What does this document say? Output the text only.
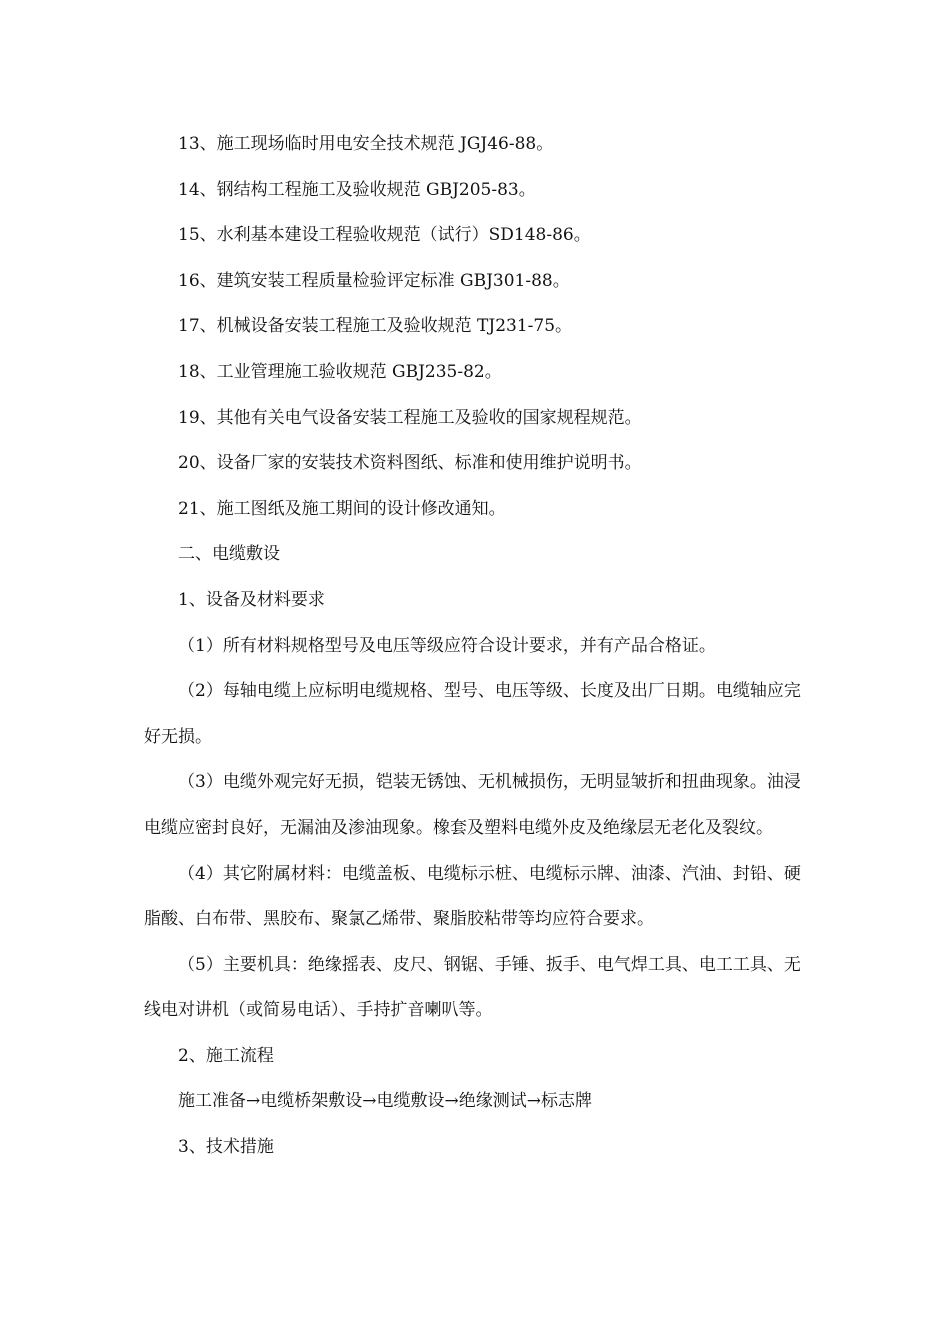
13、施工现场临时用电安全技术规范 JGJ46-88。

14、钢结构工程施工及验收规范 GBJ205-83。

15、水利基本建设工程验收规范（试行）SD148-86。

16、建筑安装工程质量检验评定标准 GBJ301-88。

17、机械设备安装工程施工及验收规范 TJ231-75。

18、工业管理施工验收规范 GBJ235-82。

19、其他有关电气设备安装工程施工及验收的国家规程规范。

20、设备厂家的安装技术资料图纸、标准和使用维护说明书。

21、施工图纸及施工期间的设计修改通知。

二、电缆敷设

1、设备及材料要求

（1）所有材料规格型号及电压等级应符合设计要求，并有产品合格证。

（2）每轴电缆上应标明电缆规格、型号、电压等级、长度及出厂日期。电缆轴应完好无损。

（3）电缆外观完好无损，铠装无锈蚀、无机械损伤，无明显皱折和扭曲现象。油浸电缆应密封良好，无漏油及渗油现象。橡套及塑料电缆外皮及绝缘层无老化及裂纹。

（4）其它附属材料：电缆盖板、电缆标示桩、电缆标示牌、油漆、汽油、封铅、硬脂酸、白布带、黑胶布、聚氯乙烯带、聚脂胶粘带等均应符合要求。

（5）主要机具：绝缘摇表、皮尺、钢锯、手锤、扳手、电气焊工具、电工工具、无线电对讲机（或简易电话）、手持扩音喇叭等。

2、施工流程

施工准备→电缆桥架敷设→电缆敷设→绝缘测试→标志牌

3、技术措施
